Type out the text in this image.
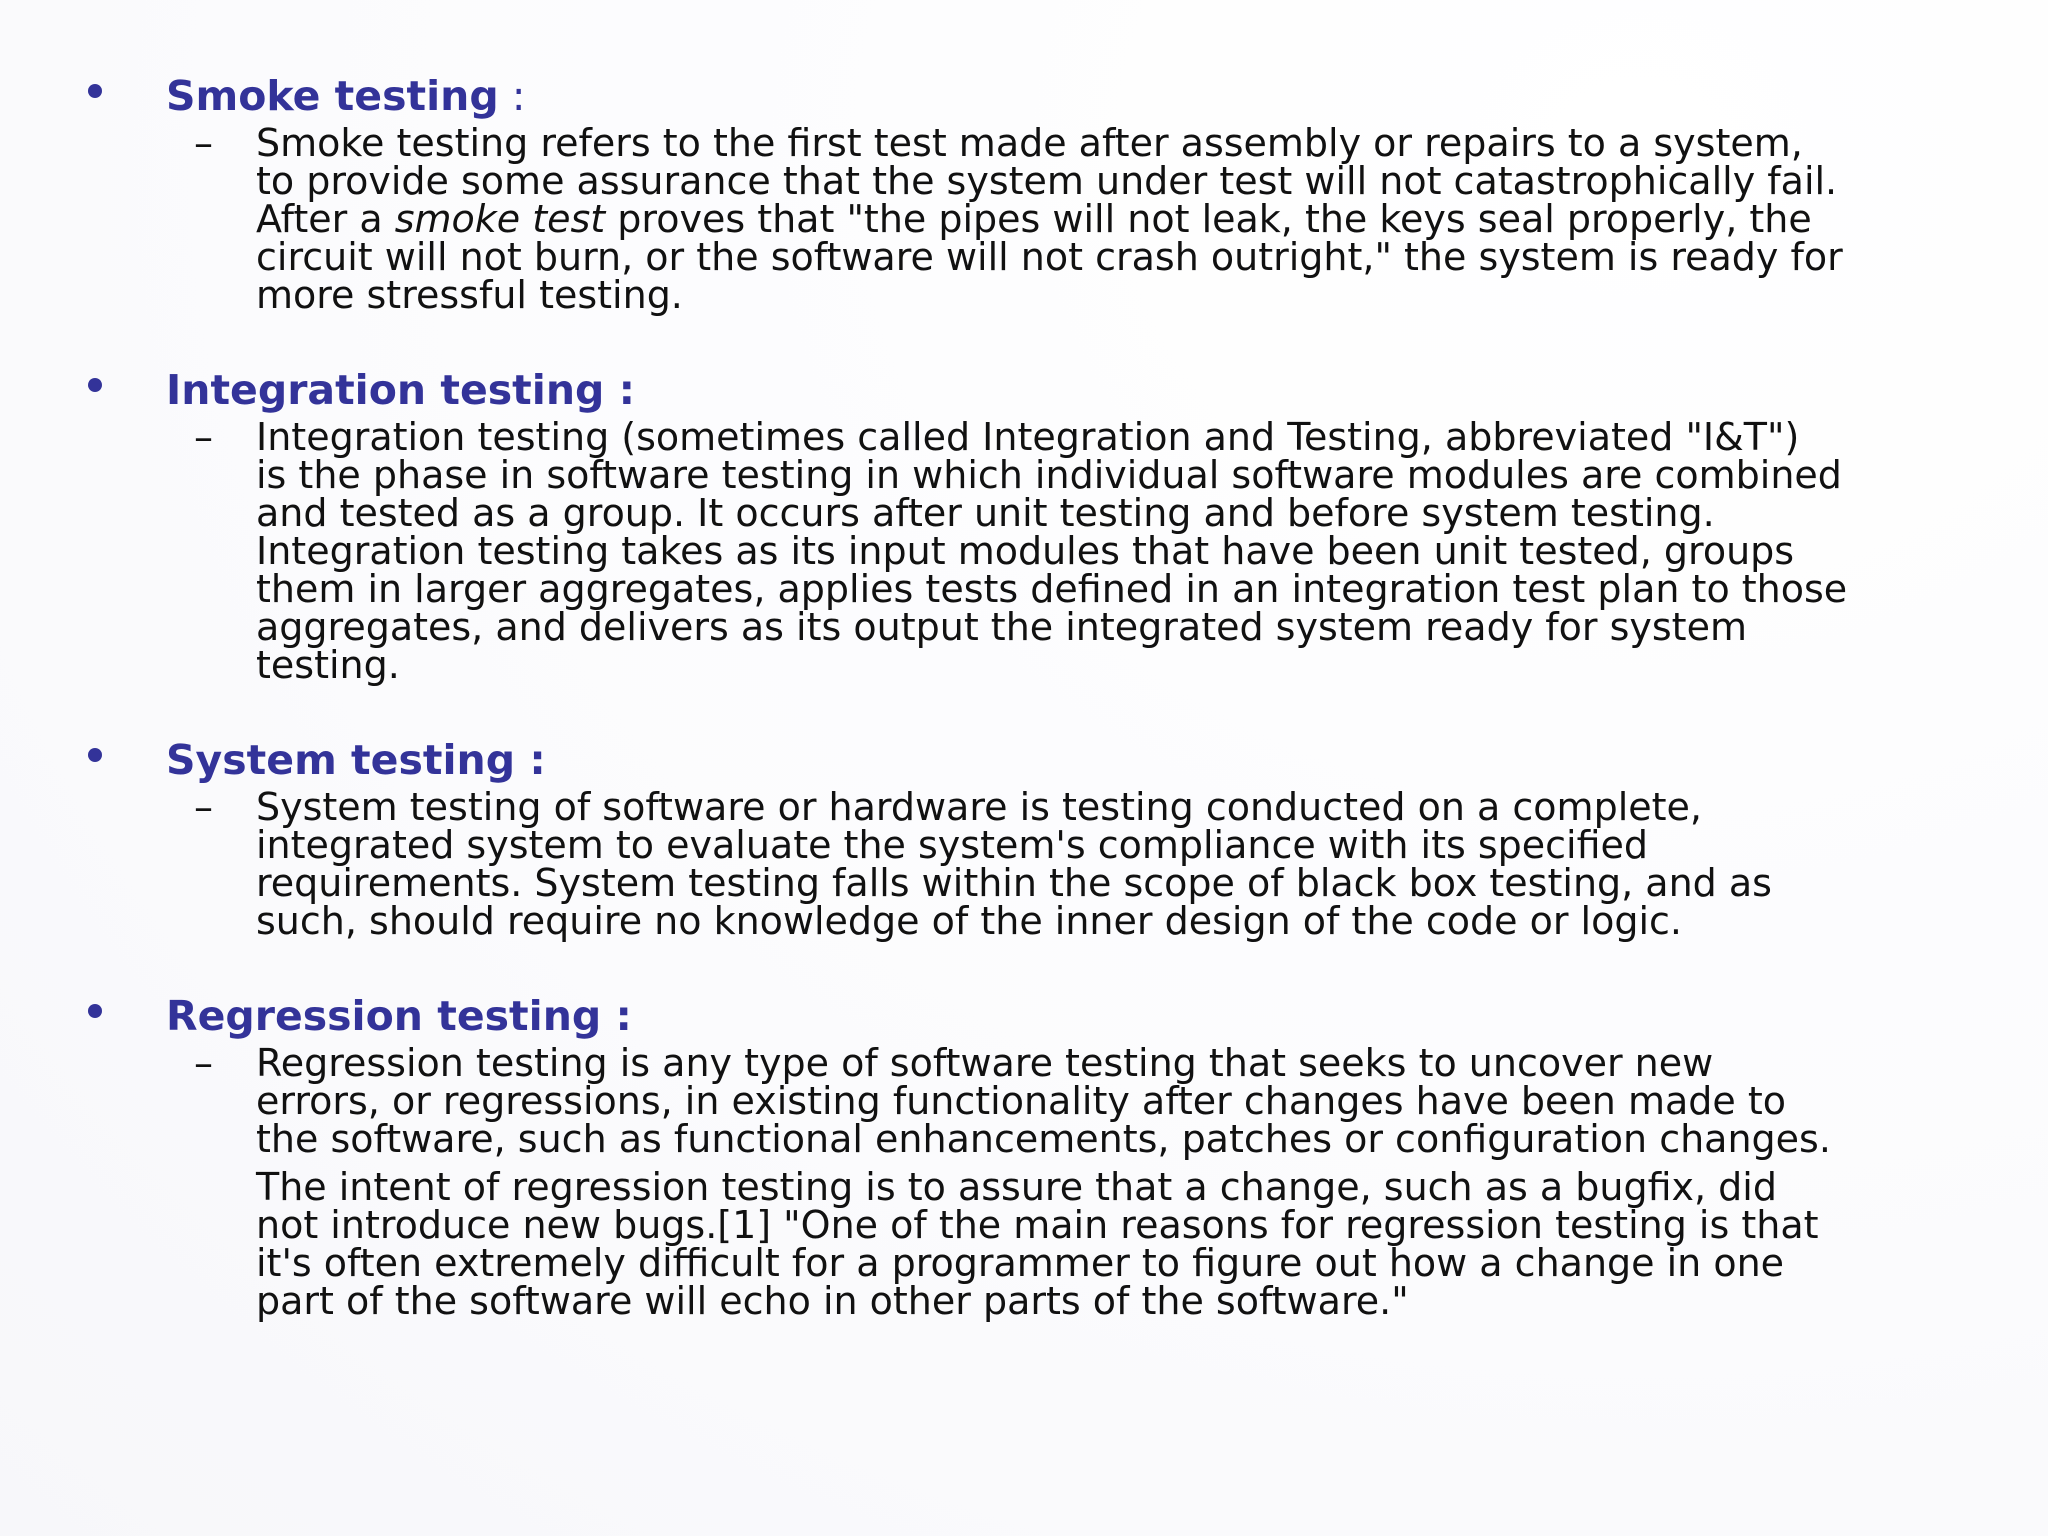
Smoke testing :
– Smoke testing refers to the first test made after assembly or repairs to a system,
to provide some assurance that the system under test will not catastrophically fail.
After a smoke test proves that "the pipes will not leak, the keys seal properly, the
circuit will not burn, or the software will not crash outright," the system is ready for
more stressful testing.

Integration testing :
– Integration testing (sometimes called Integration and Testing, abbreviated "I&T")
is the phase in software testing in which individual software modules are combined
and tested as a group. It occurs after unit testing and before system testing.
Integration testing takes as its input modules that have been unit tested, groups
them in larger aggregates, applies tests defined in an integration test plan to those
aggregates, and delivers as its output the integrated system ready for system
testing.

System testing :
– System testing of software or hardware is testing conducted on a complete,
integrated system to evaluate the system's compliance with its specified
requirements. System testing falls within the scope of black box testing, and as
such, should require no knowledge of the inner design of the code or logic.

Regression testing :
– Regression testing is any type of software testing that seeks to uncover new
errors, or regressions, in existing functionality after changes have been made to
the software, such as functional enhancements, patches or configuration changes.

The intent of regression testing is to assure that a change, such as a bugfix, did
not introduce new bugs.[1] "One of the main reasons for regression testing is that
it's often extremely difficult for a programmer to figure out how a change in one
part of the software will echo in other parts of the software."
